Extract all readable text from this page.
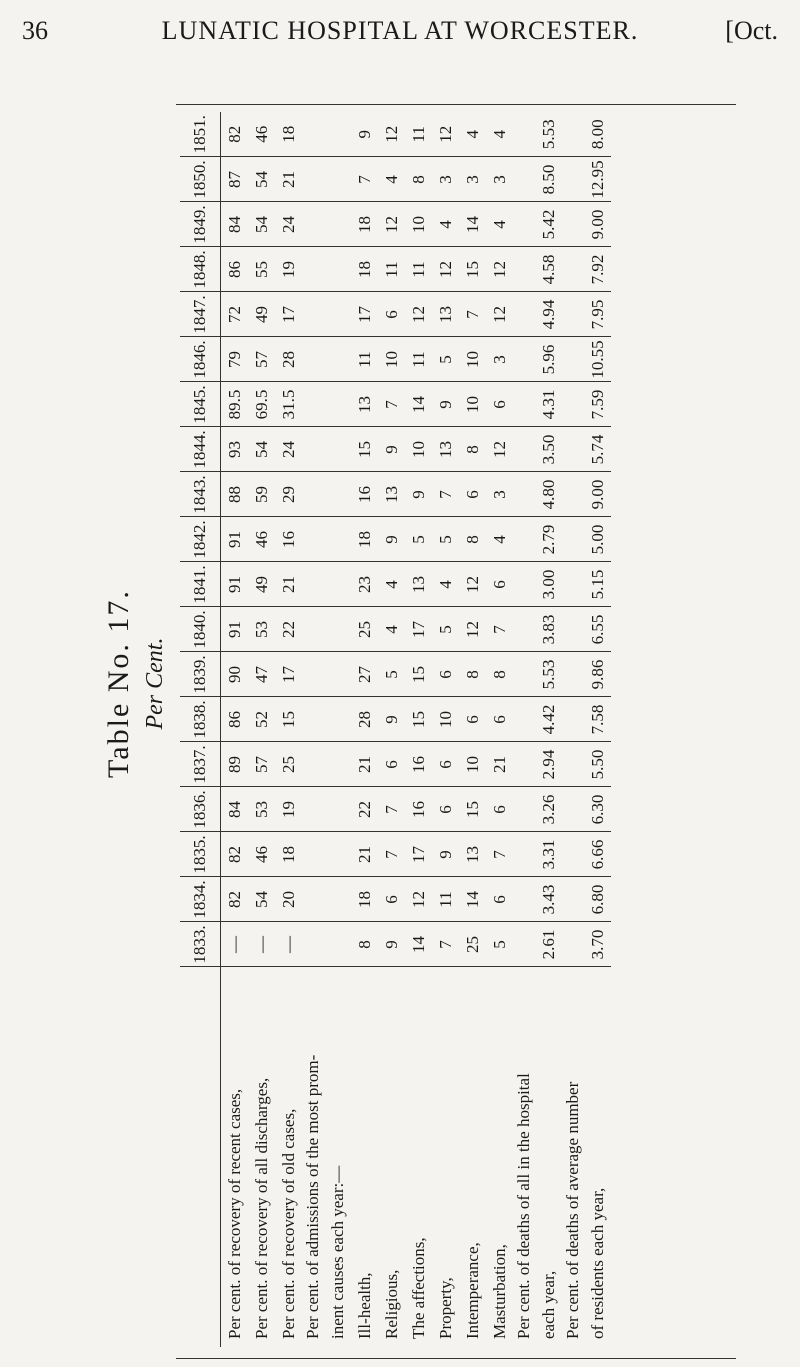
36	LUNATIC HOSPITAL AT WORCESTER.	[Oct.
Table No. 17. Per Cent.
	1833.	1834.	1835.	1836.	1837.	1838.	1839.	1840.	1841.	1842.	1843.	1844.	1845.	1846.	1847.	1848.	1849.	1850.	1851.
Per cent. of recovery of recent cases,	—	82	82	84	89	86	90	91	91	91	88	93	89.5	79	72	86	84	87	82
Per cent. of recovery of all discharges,	—	54	46	53	57	52	47	53	49	46	59	54	69.5	57	49	55	54	54	46
Per cent. of recovery of old cases,	—	20	18	19	25	15	17	22	21	16	29	24	31.5	28	17	19	24	21	18
Per cent. of admissions of the most prom-																			
inent causes each year:—																			
Ill-health,	8	18	21	22	21	28	27	25	23	18	16	15	13	11	17	18	18	7	9
Religious,	9	6	7	7	6	9	5	4	4	9	13	9	7	10	6	11	12	4	12
The affections,	14	12	17	16	16	15	15	17	13	5	9	10	14	11	12	11	10	8	11
Property,	7	11	9	6	6	10	6	5	4	5	7	13	9	5	13	12	4	3	12
Intemperance,	25	14	13	15	10	6	8	12	12	8	6	8	10	10	7	15	14	3	4
Masturbation,	5	6	7	6	21	6	8	7	6	4	3	12	6	3	12	12	4	3	4
Per cent. of deaths of all in the hospital																			
each year,	2.61	3.43	3.31	3.26	2.94	4.42	5.53	3.83	3.00	2.79	4.80	3.50	4.31	5.96	4.94	4.58	5.42	8.50	5.53
Per cent. of deaths of average number																			
of residents each year,	3.70	6.80	6.66	6.30	5.50	7.58	9.86	6.55	5.15	5.00	9.00	5.74	7.59	10.55	7.95	7.92	9.00	12.95	8.00
